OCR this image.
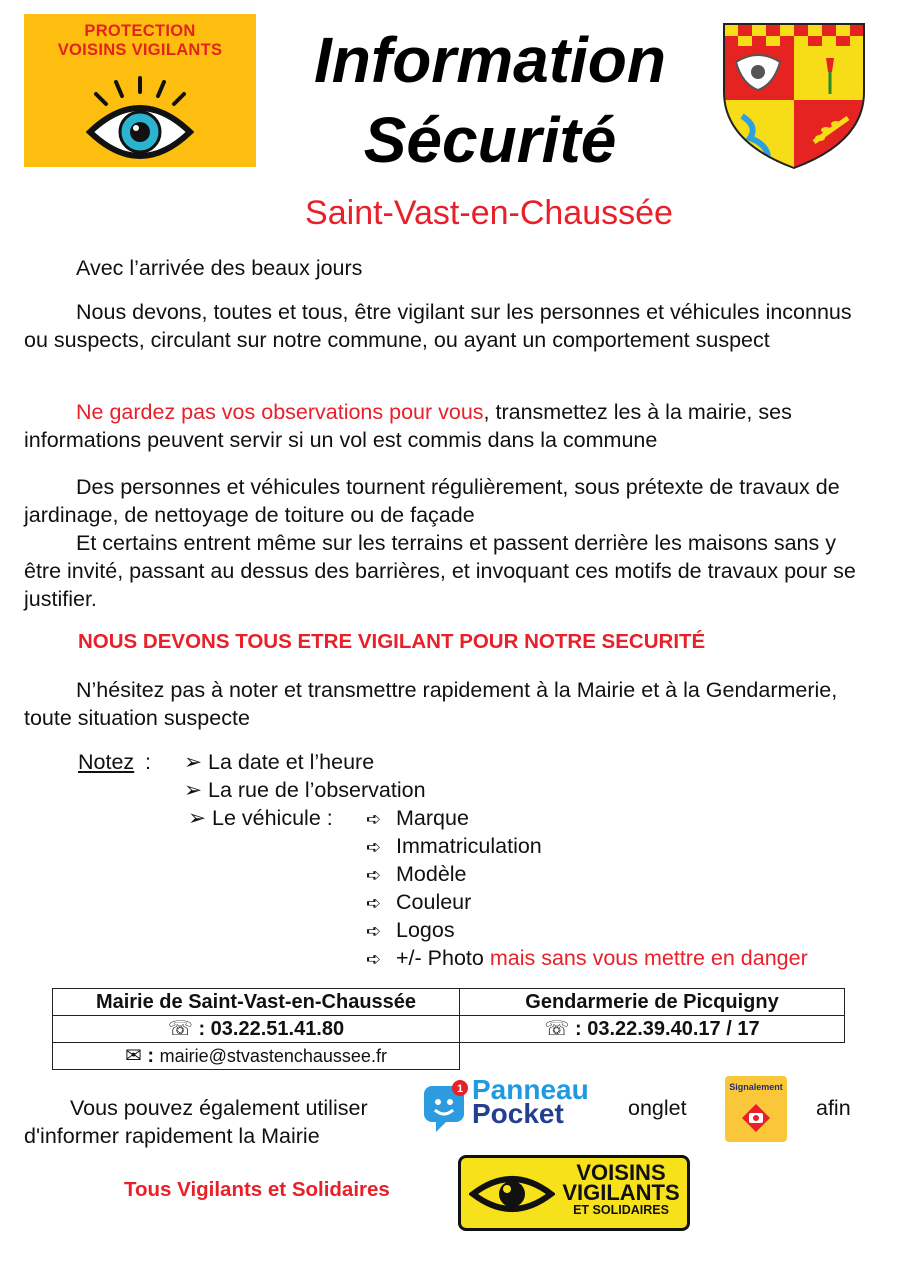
PROTECTION
VOISINS VIGILANTS	Information
Sécurité
Saint-Vast-en-Chaussée

Avec l’arrivée des beaux jours

Nous devons, toutes et tous, être vigilant sur les personnes et véhicules inconnus ou suspects, circulant sur notre commune, ou ayant un comportement suspect

Ne gardez pas vos observations pour vous, transmettez les à la mairie, ses informations peuvent servir si un vol est commis dans la commune

Des personnes et véhicules tournent régulièrement, sous prétexte de travaux de jardinage, de nettoyage de toiture ou de façade

Et certains entrent même sur les terrains et passent derrière les maisons sans y être invité, passant au dessus des barrières, et invoquant ces motifs de travaux pour se justifier.

NOUS DEVONS TOUS ETRE VIGILANT POUR NOTRE SECURITÉ

N’hésitez pas à noter et transmettre rapidement à la Mairie et à la Gendarmerie, toute situation suspecte

Notez : ➢ La date et l’heure
➢ La rue de l’observation
➢ Le véhicule : ➪ Marque
➪ Immatriculation
➪ Modèle
➪ Couleur
➪ Logos
➪ +/- Photo mais sans vous mettre en danger
Mairie de Saint-Vast-en-Chaussée	Gendarmerie de Picquigny
☏ : 03.22.51.41.80	☏ : 03.22.39.40.17 / 17
✉ : mairie@stvastenchaussee.fr	
Vous pouvez également utiliser
d'informer rapidement la Mairie
1 Panneau
Pocket	onglet
Signalement
afin
Tous Vigilants et Solidaires
VOISINS
VIGILANTS
ET SOLIDAIRES
